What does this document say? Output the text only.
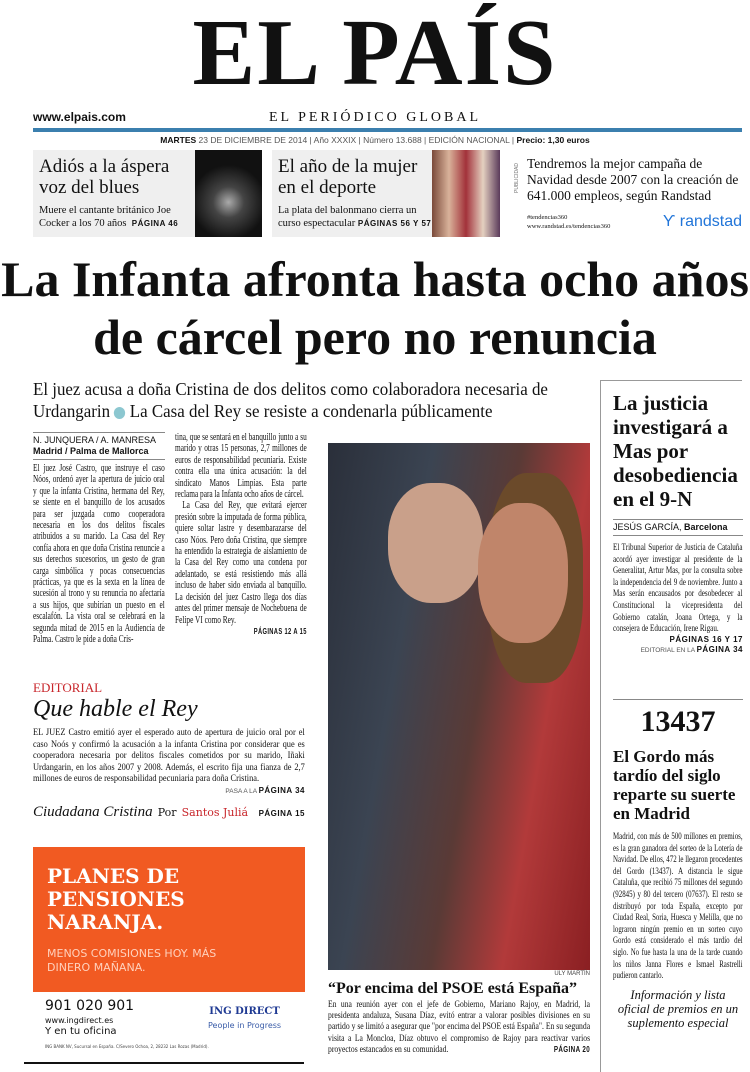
EL PAÍS
www.elpais.com	EL PERIÓDICO GLOBAL
MARTES 23 DE DICIEMBRE DE 2014 | Año XXXIX | Número 13.688 | EDICIÓN NACIONAL | Precio: 1,30 euros
Adiós a la áspera voz del blues
Muere el cantante británico Joe Cocker a los 70 años PÁGINA 46
El año de la mujer en el deporte
La plata del balonmano cierra un curso espectacular PÁGINAS 56 Y 57
PUBLICIDAD Tendremos la mejor campaña de Navidad desde 2007 con la creación de 641.000 empleos, según Randstad
#tendencias360
www.randstad.es/tendencias360	ϒ randstad
La Infanta afronta hasta ocho años de cárcel pero no renuncia
El juez acusa a doña Cristina de dos delitos como colaboradora necesaria de Urdangarin La Casa del Rey se resiste a condenarla públicamente
N. JUNQUERA / A. MANRESA
Madrid / Palma de Mallorca
El juez José Castro, que instruye el caso Nóos, ordenó ayer la apertura de juicio oral y que la infanta Cristina, hermana del Rey, se siente en el banquillo de los acusados para ser juzgada como cooperadora necesaria en los dos delitos fiscales atribuidos a su marido. La Casa del Rey confía ahora en que doña Cristina renuncie a sus derechos sucesorios, un gesto de gran carga simbólica y pocas consecuencias prácticas, ya que es la sexta en la línea de sucesión al trono y su renuncia no afectaría a sus hijos, que subirían un puesto en el escalafón. La vista oral se celebrará en la segunda mitad de 2015 en la Audiencia de Palma. Castro le pide a doña Cris-
tina, que se sentará en el banquillo junto a su marido y otras 15 personas, 2,7 millones de euros de responsabilidad pecuniaria. Existe contra ella una única acusación: la del sindicato Manos Limpias. Esta parte reclama para la Infanta ocho años de cárcel.
La Casa del Rey, que evitará ejercer presión sobre la imputada de forma pública, quiere soltar lastre y desembarazarse del caso Nóos. Pero doña Cristina, que siempre ha entendido la estrategia de aislamiento de la Casa del Rey como una condena por adelantado, se está resistiendo más allá incluso de haber sido enviada al banquillo. La decisión del juez Castro llega dos días antes del primer mensaje de Nochebuena de Felipe VI como Rey.
PÁGINAS 12 A 15
EDITORIAL
Que hable el Rey
EL JUEZ Castro emitió ayer el esperado auto de apertura de juicio oral por el caso Noós y confirmó la acusación a la infanta Cristina por considerar que es cooperadora necesaria por delitos fiscales cometidos por su marido, Iñaki Urdangarin, en los años 2007 y 2008. Además, el escrito fija una fianza de 2,7 millones de euros de responsabilidad pecuniaria para doña Cristina.
PASA A LA PÁGINA 34
Ciudadana Cristina Por Santos Juliá PÁGINA 15
PLANES DE PENSIONES NARANJA.
MENOS COMISIONES HOY. MÁS DINERO MAÑANA.
901 020 901
www.ingdirect.es
Y en tu oficina
ING BANK NV, Sucursal en España. C/Severo Ochoa, 2, 28232 Las Rozas (Madrid).
ING DIRECT
People in Progress
ULY MARTÍN
“Por encima del PSOE está España”
En una reunión ayer con el jefe de Gobierno, Mariano Rajoy, en Madrid, la presidenta andaluza, Susana Díaz, evitó entrar a valorar posibles divisiones en su partido y se limitó a asegurar que "por encima del PSOE está España". En su segunda visita a La Moncloa, Díaz obtuvo el compromiso de Rajoy para reactivar varios proyectos estancados en su comunidad.	PÁGINA 20
La justicia investigará a Mas por desobediencia en el 9-N
JESÚS GARCÍA, Barcelona
El Tribunal Superior de Justicia de Cataluña acordó ayer investigar al presidente de la Generalitat, Artur Mas, por la consulta sobre la independencia del 9 de noviembre. Junto a Mas serán encausados por desobedecer al Constitucional la vicepresidenta del Gobierno catalán, Joana Ortega, y la consejera de Educación, Irene Rigau.
PÁGINAS 16 Y 17
EDITORIAL EN LA PÁGINA 34
13437
El Gordo más tardío del siglo reparte su suerte en Madrid
Madrid, con más de 500 millones en premios, es la gran ganadora del sorteo de la Lotería de Navidad. De ellos, 472 le llegaron procedentes del Gordo (13437). A distancia le sigue Cataluña, que recibió 75 millones del segundo (92845) y 80 del tercero (07637). El resto se distribuyó por toda España, excepto por Ciudad Real, Soria, Huesca y Melilla, que no lograron ningún premio en un sorteo cuyo Gordo está considerado el más tardío del siglo. No fue hasta la una de la tarde cuando los niños Janna Flores e Ismael Rastrelli pudieron cantarlo.
Información y lista oficial de premios en un suplemento especial
